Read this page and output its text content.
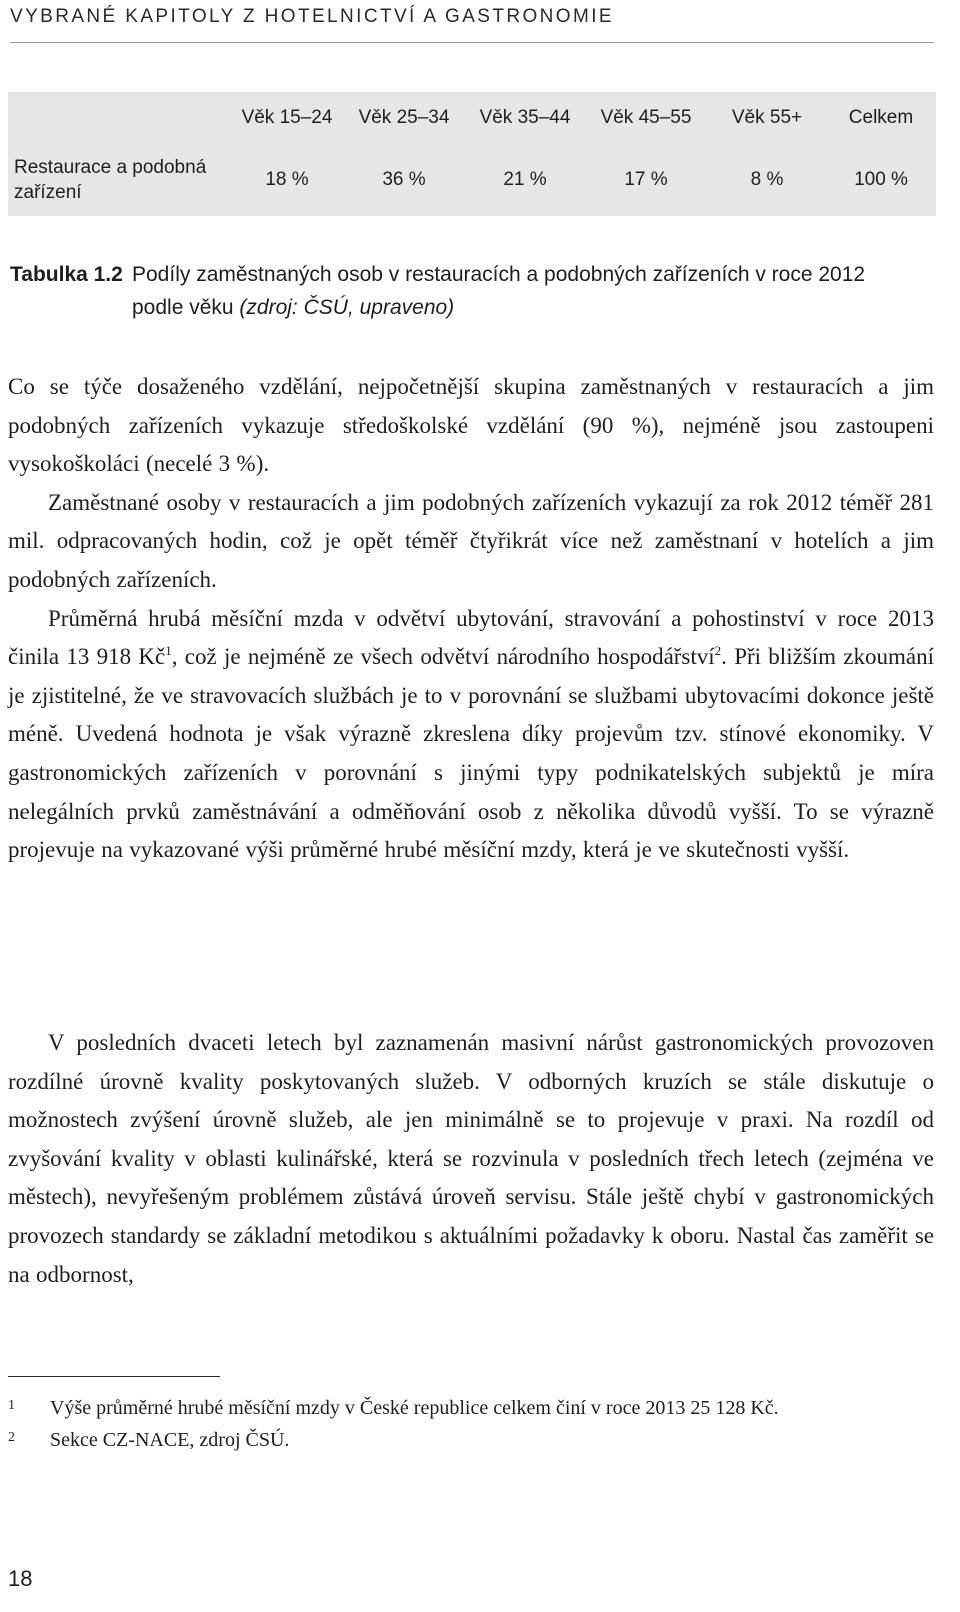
VYBRANÉ KAPITOLY Z HOTELNICTVÍ A GASTRONOMIE
	Věk 15–24	Věk 25–34	Věk 35–44	Věk 45–55	Věk 55+	Celkem
Restaurace a podobná zařízení	18 %	36 %	21 %	17 %	8 %	100 %
Tabulka 1.2 Podíly zaměstnaných osob v restauracích a podobných zařízeních v roce 2012
podle věku (zdroj: ČSÚ, upraveno)

Co se týče dosaženého vzdělání, nejpočetnější skupina zaměstnaných v restauracích a jim podobných zařízeních vykazuje středoškolské vzdělání (90 %), nejméně jsou zastoupeni vysokoškoláci (necelé 3 %).

Zaměstnané osoby v restauracích a jim podobných zařízeních vykazují za rok 2012 téměř 281 mil. odpracovaných hodin, což je opět téměř čtyřikrát více než zaměstnaní v hotelích a jim podobných zařízeních.

Průměrná hrubá měsíční mzda v odvětví ubytování, stravování a pohostinství v roce 2013 činila 13 918 $Kč^1$, což je nejméně ze všech odvětví národního hospodářství$^2$. Při bližším zkoumání je zjistitelné, že ve stravovacích službách je to v porovnání se službami ubytovacími dokonce ještě méně. Uvedená hodnota je však výrazně zkreslena díky projevům tzv. stínové ekonomiky. V gastronomických zařízeních v porovnání s jinými typy podnikatelských subjektů je míra nelegálních prvků zaměstnávání a odměňování osob z několika důvodů vyšší. To se výrazně projevuje na vykazované výši průměrné hrubé měsíční mzdy, která je ve skutečnosti vyšší.

V posledních dvaceti letech byl zaznamenán masivní nárůst gastronomických provozoven rozdílné úrovně kvality poskytovaných služeb. V odborných kruzích se stále diskutuje o možnostech zvýšení úrovně služeb, ale jen minimálně se to projevuje v praxi. Na rozdíl od zvyšování kvality v oblasti kulinářské, která se rozvinula v posledních třech letech (zejména ve městech), nevyřešeným problémem zůstává úroveň servisu. Stále ještě chybí v gastronomických provozech standardy se základní metodikou s aktuálními požadavky k oboru. Nastal čas zaměřit se na odbornost,

1	Výše průměrné hrubé měsíční mzdy v České republice celkem činí v roce 2013 25 128 Kč.
2	Sekce CZ-NACE, zdroj ČSÚ.
18
